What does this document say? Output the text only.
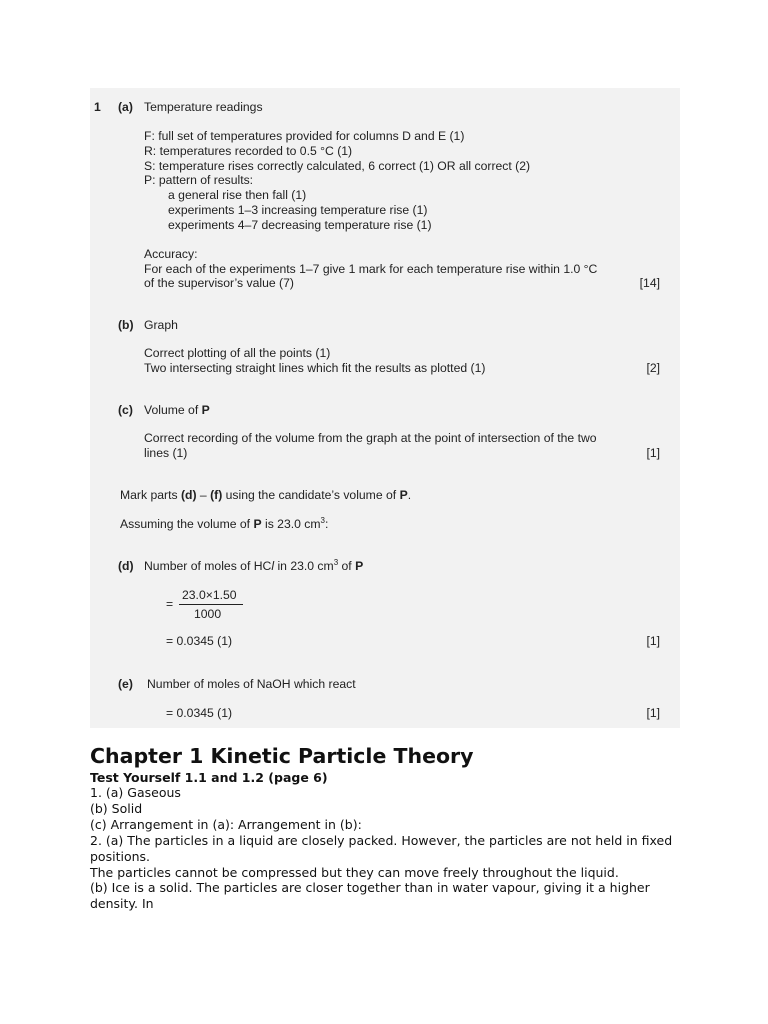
1 (a) Temperature readings
F: full set of temperatures provided for columns D and E (1)
R: temperatures recorded to 0.5 °C (1)
S: temperature rises correctly calculated, 6 correct (1) OR all correct (2)
P: pattern of results:
a general rise then fall (1)
experiments 1–3 increasing temperature rise (1)
experiments 4–7 decreasing temperature rise (1)
Accuracy:
For each of the experiments 1–7 give 1 mark for each temperature rise within 1.0 °C
of the supervisor’s value (7)	[14]
(b) Graph
Correct plotting of all the points (1)
Two intersecting straight lines which fit the results as plotted (1)	[2]
(c) Volume of P
Correct recording of the volume from the graph at the point of intersection of the two
lines (1)	[1]
Mark parts (d) – (f) using the candidate’s volume of P.
Assuming the volume of P is 23.0 $cm^3$:
(d) Number of moles of HCl in 23.0 $cm^3$ of P
=
23.0×1.50
1000
= 0.0345 (1)	[1]
(e) Number of moles of NaOH which react
= 0.0345 (1)	[1]
Chapter 1 Kinetic Particle Theory

Test Yourself 1.1 and 1.2 (page 6)

1. (a) Gaseous

(b) Solid

(c) Arrangement in (a): Arrangement in (b):

2. (a) The particles in a liquid are closely packed. However, the particles are not held in fixed

positions.

The particles cannot be compressed but they can move freely throughout the liquid.

(b) Ice is a solid. The particles are closer together than in water vapour, giving it a higher

density. In
